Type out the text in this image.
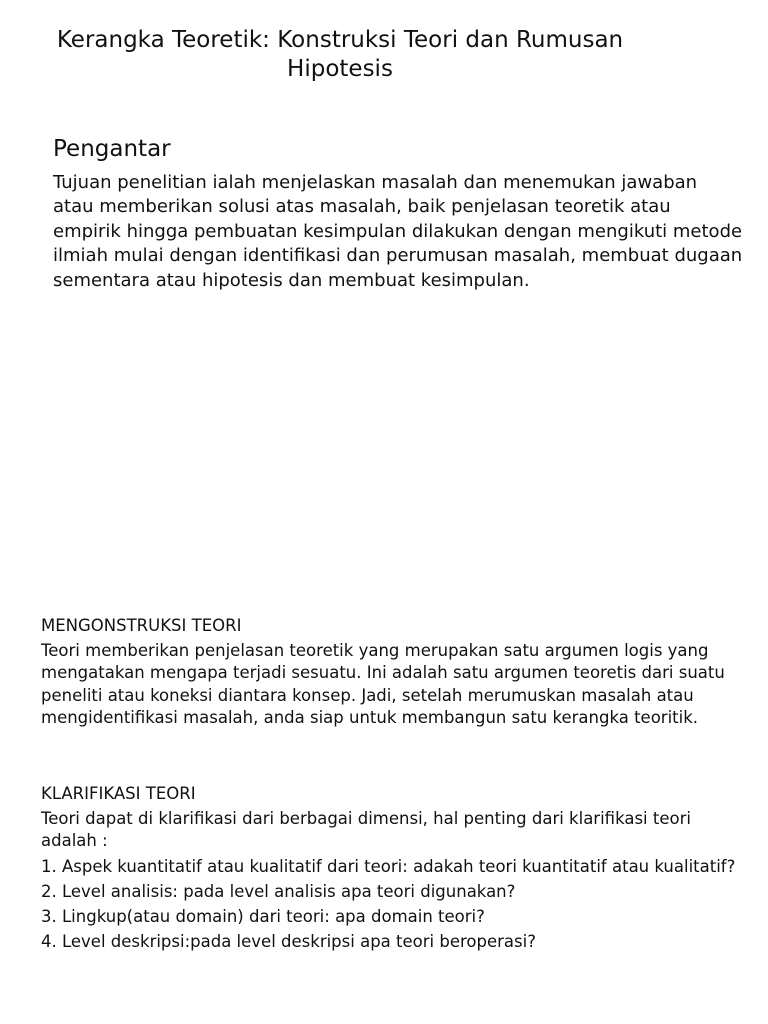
Kerangka Teoretik: Konstruksi Teori dan Rumusan
Hipotesis
Pengantar

Tujuan penelitian ialah menjelaskan masalah dan menemukan jawaban atau memberikan solusi atas masalah, baik penjelasan teoretik atau empirik hingga pembuatan kesimpulan dilakukan dengan mengikuti metode ilmiah mulai dengan identifikasi dan perumusan masalah, membuat dugaan sementara atau hipotesis dan membuat kesimpulan.

MENGONSTRUKSI TEORI

Teori memberikan penjelasan teoretik yang merupakan satu argumen logis yang mengatakan mengapa terjadi sesuatu. Ini adalah satu argumen teoretis dari suatu peneliti atau koneksi diantara konsep. Jadi, setelah merumuskan masalah atau mengidentifikasi masalah, anda siap untuk membangun satu kerangka teoritik.

KLARIFIKASI TEORI

Teori dapat di klarifikasi dari berbagai dimensi, hal penting dari klarifikasi teori adalah :

1. Aspek kuantitatif atau kualitatif dari teori: adakah teori kuantitatif atau kualitatif?
2. Level analisis: pada level analisis apa teori digunakan?
3. Lingkup(atau domain) dari teori: apa domain teori?
4. Level deskripsi:pada level deskripsi apa teori beroperasi?
